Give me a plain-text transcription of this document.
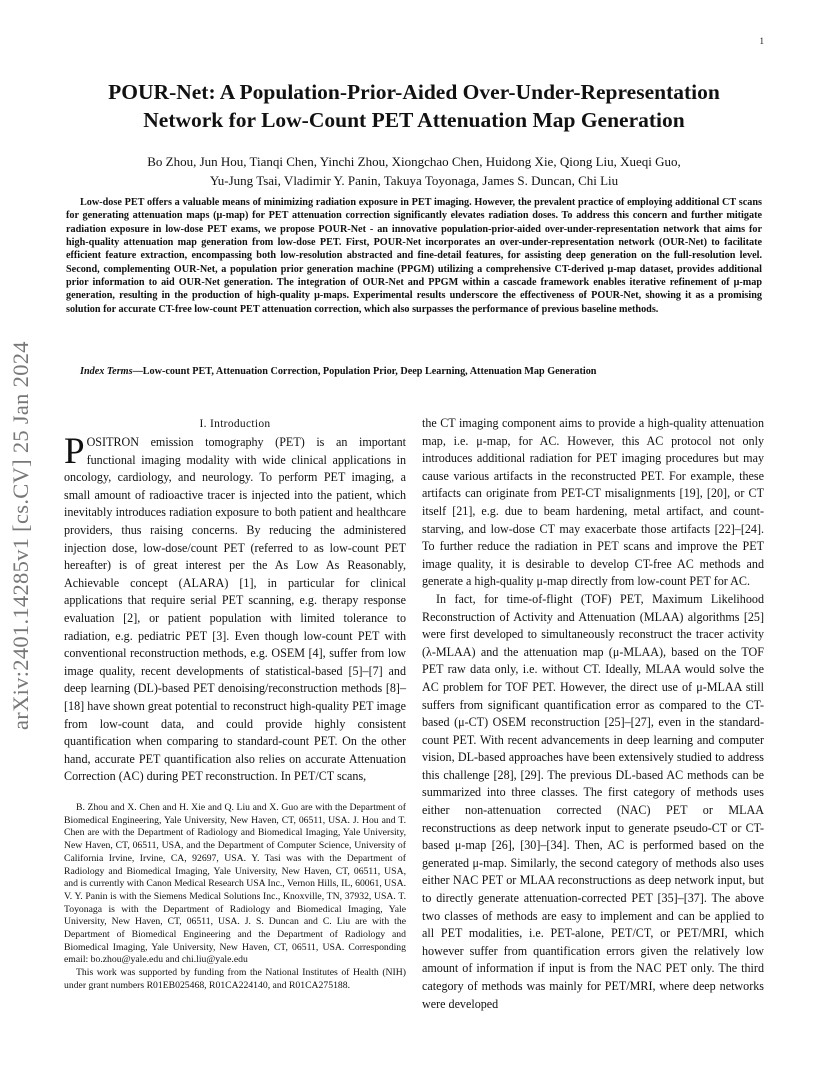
1
arXiv:2401.14285v1 [cs.CV] 25 Jan 2024
POUR-Net: A Population-Prior-Aided Over-Under-Representation
Network for Low-Count PET Attenuation Map Generation
Bo Zhou, Jun Hou, Tianqi Chen, Yinchi Zhou, Xiongchao Chen, Huidong Xie, Qiong Liu, Xueqi Guo,
Yu-Jung Tsai, Vladimir Y. Panin, Takuya Toyonaga, James S. Duncan, Chi Liu
Low-dose PET offers a valuable means of minimizing radiation exposure in PET imaging. However, the prevalent practice of employing additional CT scans for generating attenuation maps (μ-map) for PET attenuation correction significantly elevates radiation doses. To address this concern and further mitigate radiation exposure in low-dose PET exams, we propose POUR-Net - an innovative population-prior-aided over-under-representation network that aims for high-quality attenuation map generation from low-dose PET. First, POUR-Net incorporates an over-under-representation network (OUR-Net) to facilitate efficient feature extraction, encompassing both low-resolution abstracted and fine-detail features, for assisting deep generation on the full-resolution level. Second, complementing OUR-Net, a population prior generation machine (PPGM) utilizing a comprehensive CT-derived μ-map dataset, provides additional prior information to aid OUR-Net generation. The integration of OUR-Net and PPGM within a cascade framework enables iterative refinement of μ-map generation, resulting in the production of high-quality μ-maps. Experimental results underscore the effectiveness of POUR-Net, showing it as a promising solution for accurate CT-free low-count PET attenuation correction, which also surpasses the performance of previous baseline methods.
Index Terms—Low-count PET, Attenuation Correction, Population Prior, Deep Learning, Attenuation Map Generation
I. Introduction

POSITRON emission tomography (PET) is an important functional imaging modality with wide clinical applications in oncology, cardiology, and neurology. To perform PET imaging, a small amount of radioactive tracer is injected into the patient, which inevitably introduces radiation exposure to both patient and healthcare providers, thus raising concerns. By reducing the administered injection dose, low-dose/count PET (referred to as low-count PET hereafter) is of great interest per the As Low As Reasonably, Achievable concept (ALARA) [1], in particular for clinical applications that require serial PET scanning, e.g. therapy response evaluation [2], or patient population with limited tolerance to radiation, e.g. pediatric PET [3]. Even though low-count PET with conventional reconstruction methods, e.g. OSEM [4], suffer from low image quality, recent developments of statistical-based [5]–[7] and deep learning (DL)-based PET denoising/reconstruction methods [8]–[18] have shown great potential to reconstruct high-quality PET image from low-count data, and could provide highly consistent quantification when comparing to standard-count PET. On the other hand, accurate PET quantification also relies on accurate Attenuation Correction (AC) during PET reconstruction. In PET/CT scans,

the CT imaging component aims to provide a high-quality attenuation map, i.e. μ-map, for AC. However, this AC protocol not only introduces additional radiation for PET imaging procedures but may cause various artifacts in the reconstructed PET. For example, these artifacts can originate from PET-CT misalignments [19], [20], or CT itself [21], e.g. due to beam hardening, metal artifact, and count-starving, and low-dose CT may exacerbate those artifacts [22]–[24]. To further reduce the radiation in PET scans and improve the PET image quality, it is desirable to develop CT-free AC methods and generate a high-quality μ-map directly from low-count PET for AC.

In fact, for time-of-flight (TOF) PET, Maximum Likelihood Reconstruction of Activity and Attenuation (MLAA) algorithms [25] were first developed to simultaneously reconstruct the tracer activity (λ-MLAA) and the attenuation map (μ-MLAA), based on the TOF PET raw data only, i.e. without CT. Ideally, MLAA would solve the AC problem for TOF PET. However, the direct use of μ-MLAA still suffers from significant quantification error as compared to the CT-based (μ-CT) OSEM reconstruction [25]–[27], even in the standard-count PET. With recent advancements in deep learning and computer vision, DL-based approaches have been extensively studied to address this challenge [28], [29]. The previous DL-based AC methods can be summarized into three classes. The first category of methods uses either non-attenuation corrected (NAC) PET or MLAA reconstructions as deep network input to generate pseudo-CT or CT-based μ-map [26], [30]–[34]. Then, AC is performed based on the generated μ-map. Similarly, the second category of methods also uses either NAC PET or MLAA reconstructions as deep network input, but to directly generate attenuation-corrected PET [35]–[37]. The above two classes of methods are easy to implement and can be applied to all PET modalities, i.e. PET-alone, PET/CT, or PET/MRI, which however suffer from quantification errors given the relatively low amount of information if input is from the NAC PET only. The third category of methods was mainly for PET/MRI, where deep networks were developed

B. Zhou and X. Chen and H. Xie and Q. Liu and X. Guo are with the Department of Biomedical Engineering, Yale University, New Haven, CT, 06511, USA. J. Hou and T. Chen are with the Department of Radiology and Biomedical Imaging, Yale University, New Haven, CT, 06511, USA, and the Department of Computer Science, University of California Irvine, Irvine, CA, 92697, USA. Y. Tasi was with the Department of Radiology and Biomedical Imaging, Yale University, New Haven, CT, 06511, USA, and is currently with Canon Medical Research USA Inc., Vernon Hills, IL, 60061, USA. V. Y. Panin is with the Siemens Medical Solutions Inc., Knoxville, TN, 37932, USA. T. Toyonaga is with the Department of Radiology and Biomedical Imaging, Yale University, New Haven, CT, 06511, USA. J. S. Duncan and C. Liu are with the Department of Biomedical Engineering and the Department of Radiology and Biomedical Imaging, Yale University, New Haven, CT, 06511, USA. Corresponding email: bo.zhou@yale.edu and chi.liu@yale.edu

This work was supported by funding from the National Institutes of Health (NIH) under grant numbers R01EB025468, R01CA224140, and R01CA275188.
